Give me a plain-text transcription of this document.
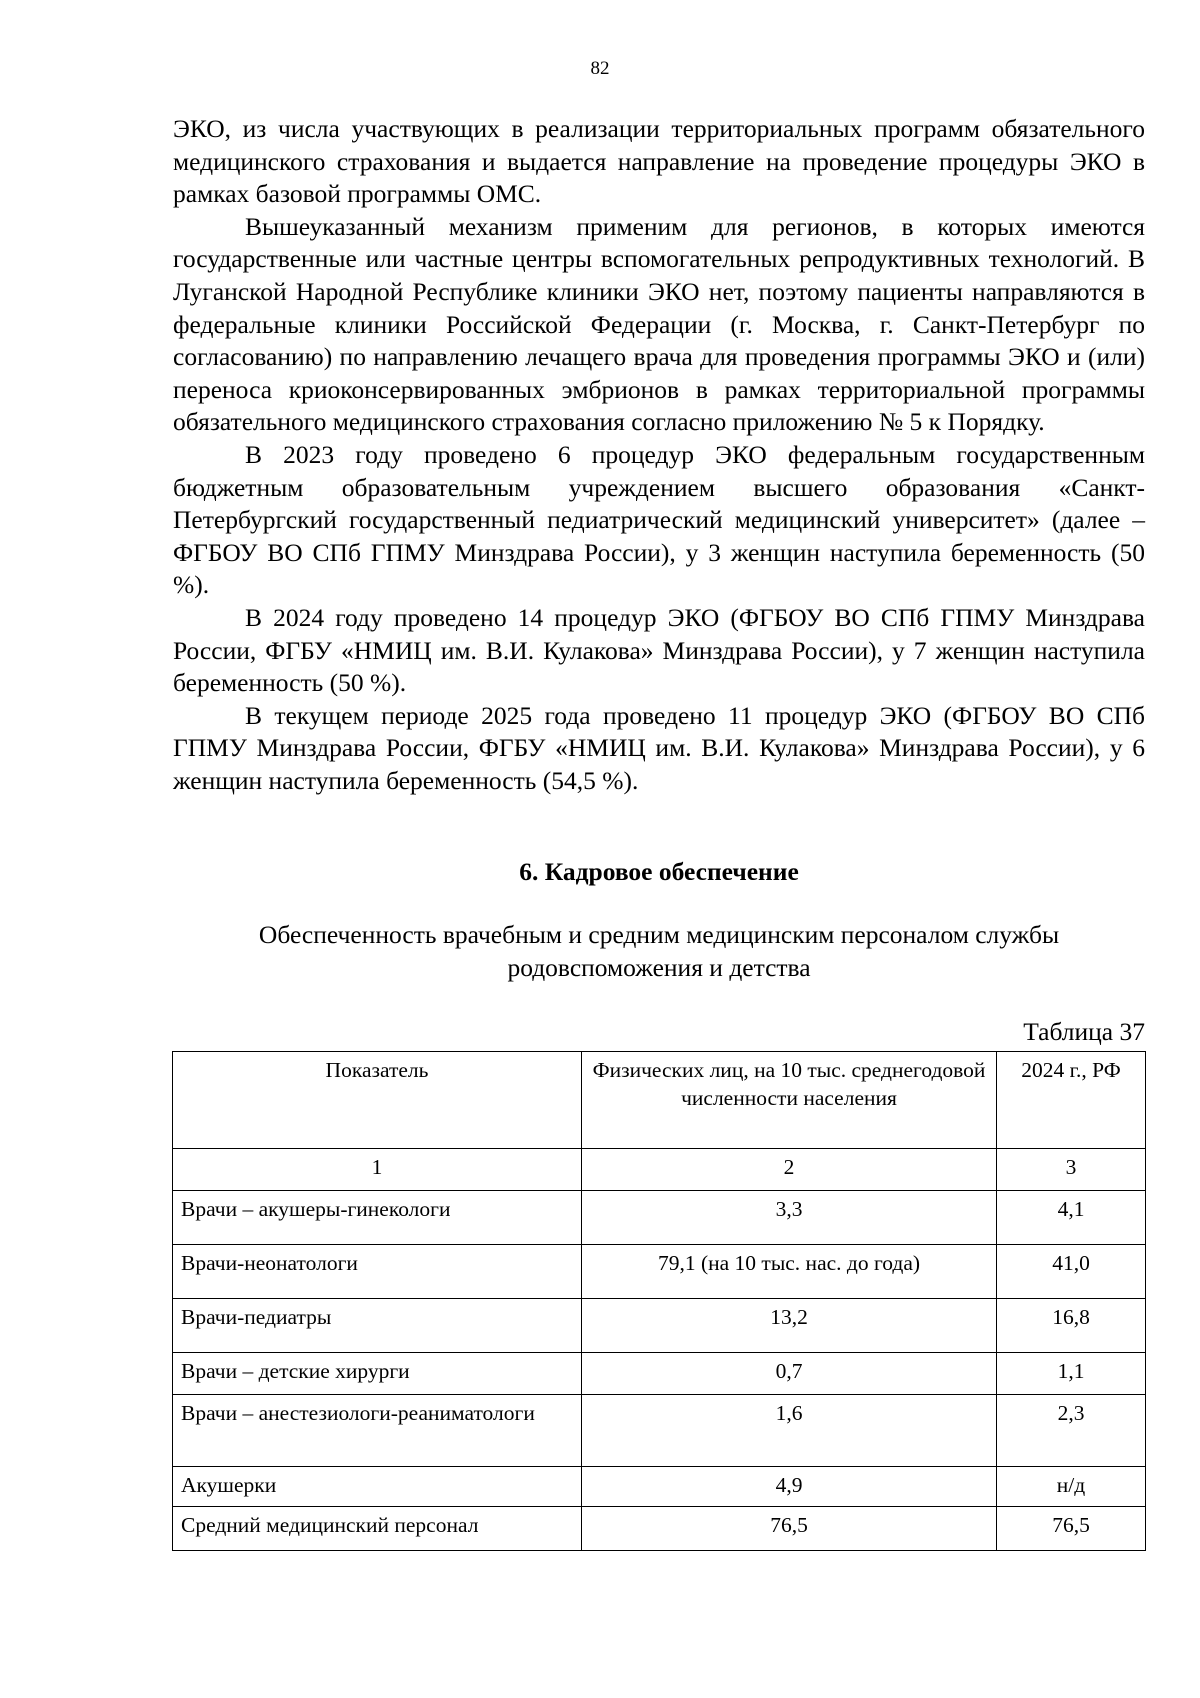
82

ЭКО, из числа участвующих в реализации территориальных программ обязательного медицинского страхования и выдается направление на проведение процедуры ЭКО в рамках базовой программы ОМС.

Вышеуказанный механизм применим для регионов, в которых имеются государственные или частные центры вспомогательных репродуктивных технологий. В Луганской Народной Республике клиники ЭКО нет, поэтому пациенты направляются в федеральные клиники Российской Федерации (г. Москва, г. Санкт-Петербург по согласованию) по направлению лечащего врача для проведения программы ЭКО и (или) переноса криоконсервированных эмбрионов в рамках территориальной программы обязательного медицинского страхования согласно приложению № 5 к Порядку.

В 2023 году проведено 6 процедур ЭКО федеральным государственным бюджетным образовательным учреждением высшего образования «Санкт-Петербургский государственный педиатрический медицинский университет» (далее – ФГБОУ ВО СПб ГПМУ Минздрава России), у 3 женщин наступила беременность (50 %).

В 2024 году проведено 14 процедур ЭКО (ФГБОУ ВО СПб ГПМУ Минздрава России, ФГБУ «НМИЦ им. В.И. Кулакова» Минздрава России), у 7 женщин наступила беременность (50 %).

В текущем периоде 2025 года проведено 11 процедур ЭКО (ФГБОУ ВО СПб ГПМУ Минздрава России, ФГБУ «НМИЦ им. В.И. Кулакова» Минздрава России), у 6 женщин наступила беременность (54,5 %).

6. Кадровое обеспечение
Обеспеченность врачебным и средним медицинским персоналом службы
родовспоможения и детства
Таблица 37
Показатель	Физических лиц, на 10 тыс. среднегодовой численности населения	2024 г., РФ
1	2	3
Врачи – акушеры-гинекологи	3,3	4,1
Врачи-неонатологи	79,1 (на 10 тыс. нас. до года)	41,0
Врачи-педиатры	13,2	16,8
Врачи – детские хирурги	0,7	1,1
Врачи – анестезиологи-реаниматологи	1,6	2,3
Акушерки	4,9	н/д
Средний медицинский персонал	76,5	76,5
